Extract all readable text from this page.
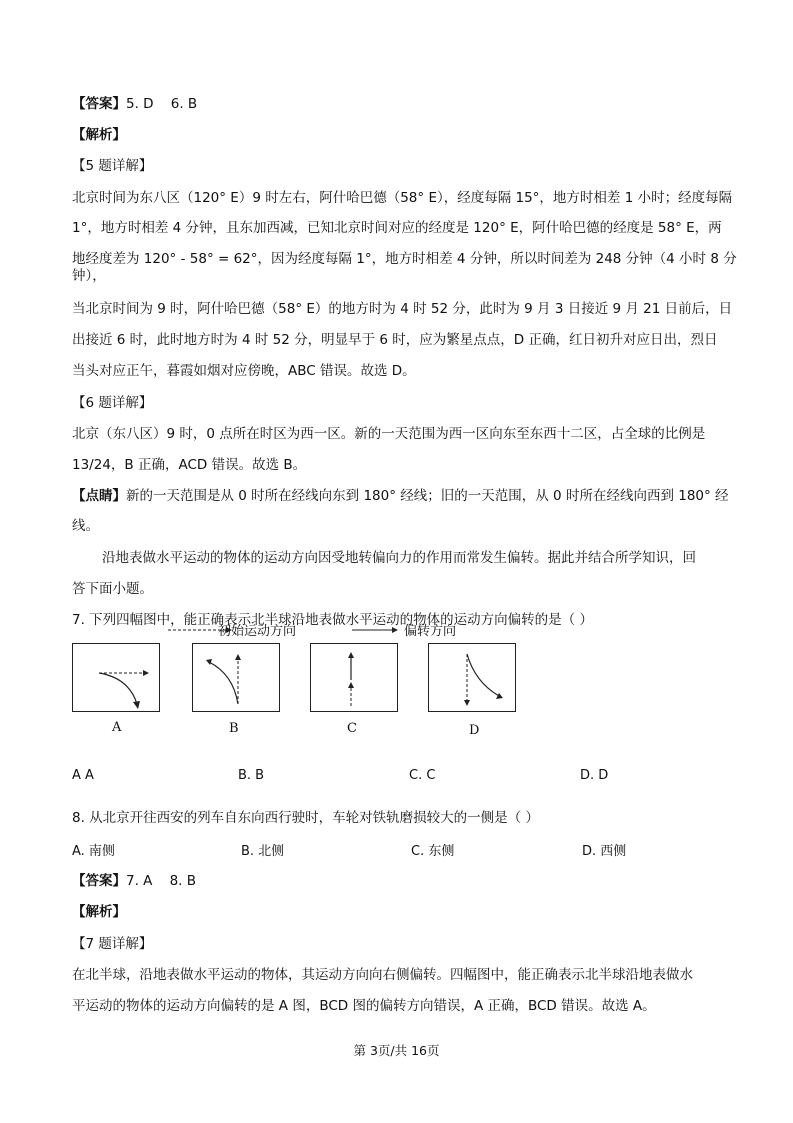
【答案】5. D    6. B
【解析】
【5 题详解】
北京时间为东八区（120° E）9 时左右，阿什哈巴德（58° E），经度每隔 15°，地方时相差 1 小时；经度每隔
1°，地方时相差 4 分钟，且东加西减，已知北京时间对应的经度是 120° E，阿什哈巴德的经度是 58° E，两
地经度差为 120° - 58° = 62°，因为经度每隔 1°，地方时相差 4 分钟，所以时间差为 248 分钟（4 小时 8 分
钟），
当北京时间为 9 时，阿什哈巴德（58° E）的地方时为 4 时 52 分，此时为 9 月 3 日接近 9 月 21 日前后，日
出接近 6 时，此时地方时为 4 时 52 分，明显早于 6 时，应为繁星点点，D 正确，红日初升对应日出，烈日
当头对应正午，暮霞如烟对应傍晚，ABC 错误。故选 D。
【6 题详解】
北京（东八区）9 时，0 点所在时区为西一区。新的一天范围为西一区向东至东西十二区，占全球的比例是
13/24，B 正确，ACD 错误。故选 B。
【点睛】新的一天范围是从 0 时所在经线向东到 180° 经线；旧的一天范围，从 0 时所在经线向西到 180° 经
线。
沿地表做水平运动的物体的运动方向因受地转偏向力的作用而常发生偏转。据此并结合所学知识，回
答下面小题。
7. 下列四幅图中，能正确表示北半球沿地表做水平运动的物体的运动方向偏转的是（ ）
初始运动方向	偏转方向
A	B	C	D
A A	B. B	C. C	D. D
8. 从北京开往西安的列车自东向西行驶时，车轮对铁轨磨损较大的一侧是（ ）
A. 南侧	B. 北侧	C. 东侧	D. 西侧
【答案】7. A    8. B
【解析】
【7 题详解】
在北半球，沿地表做水平运动的物体，其运动方向向右侧偏转。四幅图中，能正确表示北半球沿地表做水
平运动的物体的运动方向偏转的是 A 图，BCD 图的偏转方向错误，A 正确，BCD 错误。故选 A。
第 3页/共 16页
